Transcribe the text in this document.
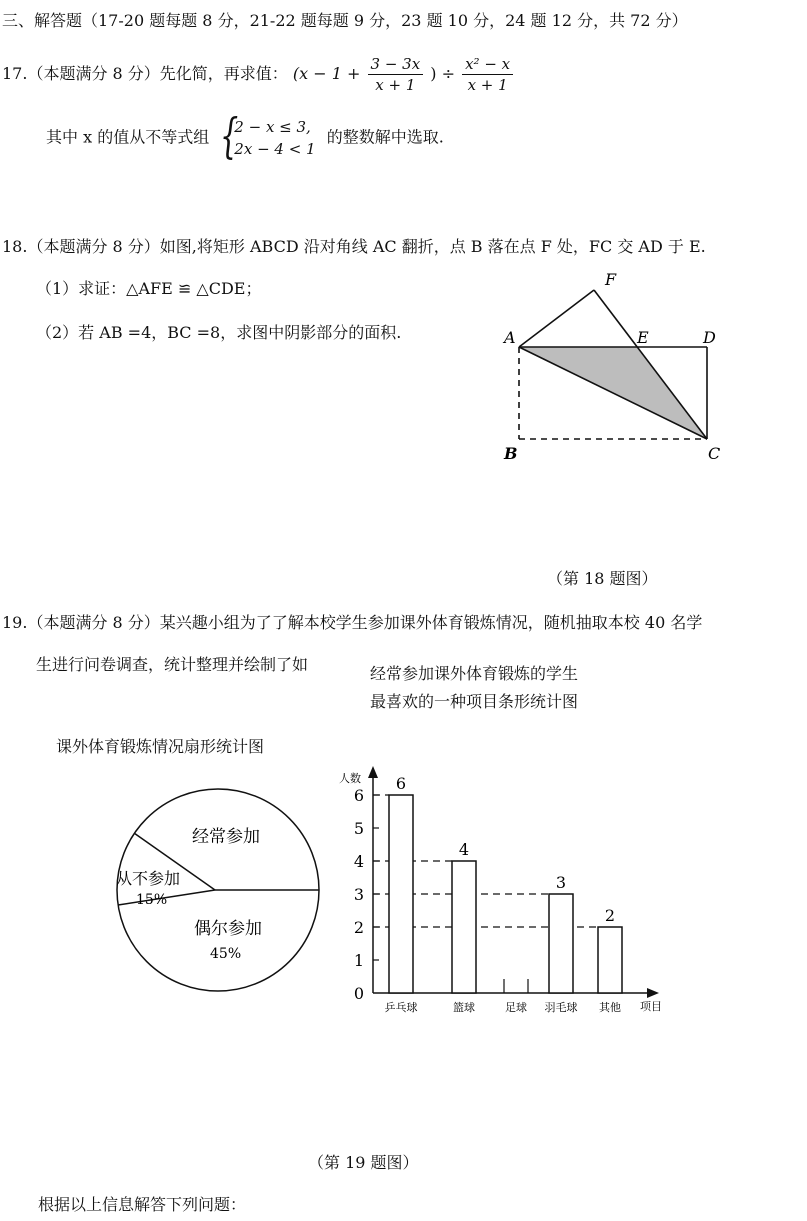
三、解答题（17-20 题每题 8 分，21-22 题每题 9 分，23 题 10 分，24 题 12 分，共 72 分）
17.（本题满分 8 分）先化简，再求值： ($x - 1 + \frac{3 - 3x}{x + 1}$ ) ÷ $\frac{\text{x² − x}}{x + 1}$
其中 x 的值从不等式组 {
2 − x ≤ 3,
2x − 4 < 1
的整数解中选取.
18.（本题满分 8 分）如图,将矩形 ABCD 沿对角线 AC 翻折，点 B 落在点 F 处，FC 交 AD 于 E.
（1）求证：△AFE ≌ △CDE；
（2）若 AB =4，BC =8，求图中阴影部分的面积.	A
B	C
D
E
F
（第 18 题图）
19.（本题满分 8 分）某兴趣小组为了了解本校学生参加课外体育锻炼情况，随机抽取本校 40 名学
生进行问卷调查，统计整理并绘制了如	经常参加课外体育锻炼的学生
最喜欢的一种项目条形统计图
课外体育锻炼情况扇形统计图
经常参加
从不参加
15%
偶尔参加
45%
人数
项目
0
1
2
3
4
5
6
6
4
3
2
乒乓球	篮球	足球 羽毛球 其他
（第 19 题图）
根据以上信息解答下列问题：
